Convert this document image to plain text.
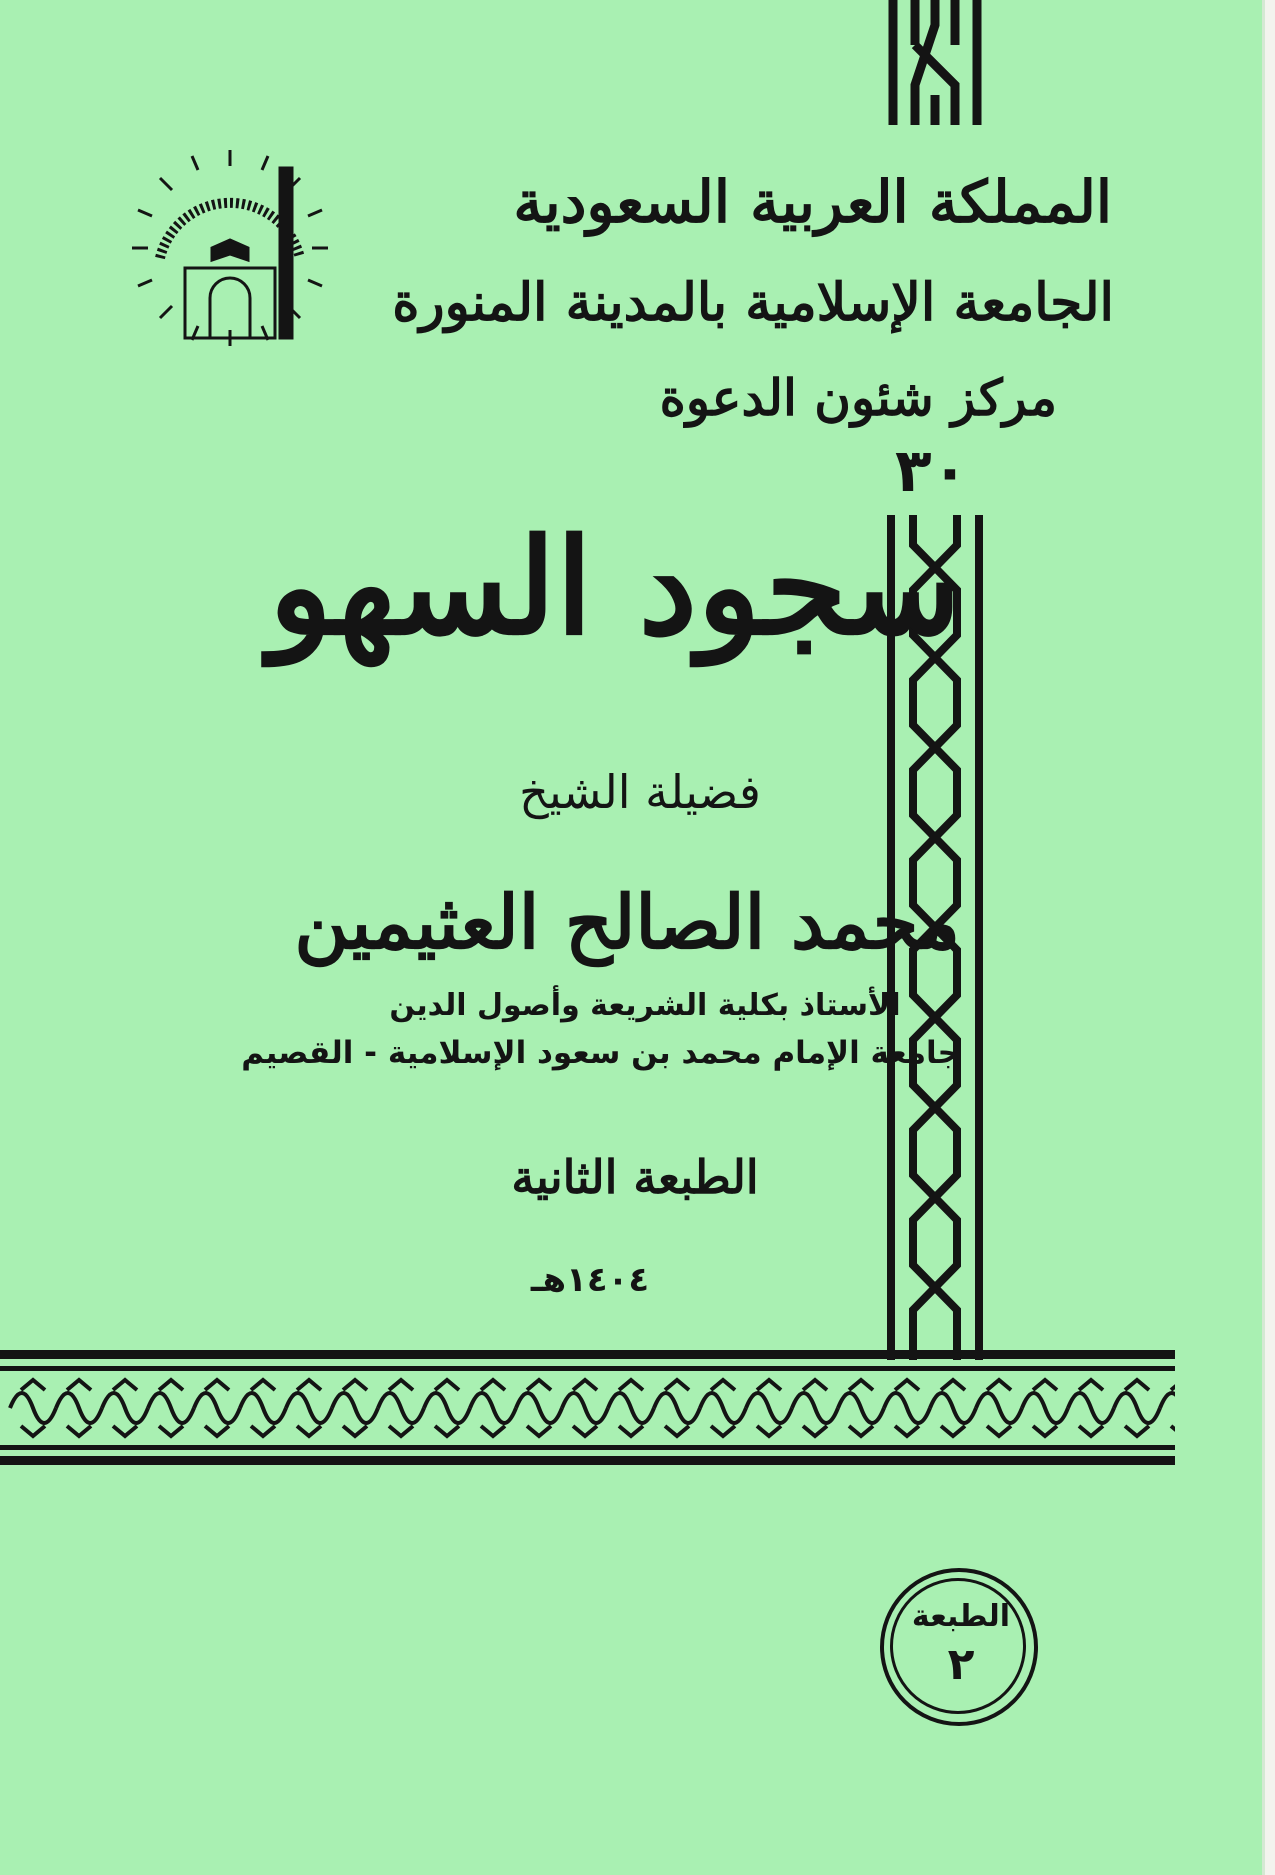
المملكة العربية السعودية
الجامعة الإسلامية بالمدينة المنورة
مركز شئون الدعوة
٣٠
سجود السهو
فضيلة الشيخ
محمد الصالح العثيمين
الأستاذ بكلية الشريعة وأصول الدين
جامعة الإمام محمد بن سعود الإسلامية - القصيم
الطبعة الثانية
١٤٠٤هـ
الطبعة
٢
